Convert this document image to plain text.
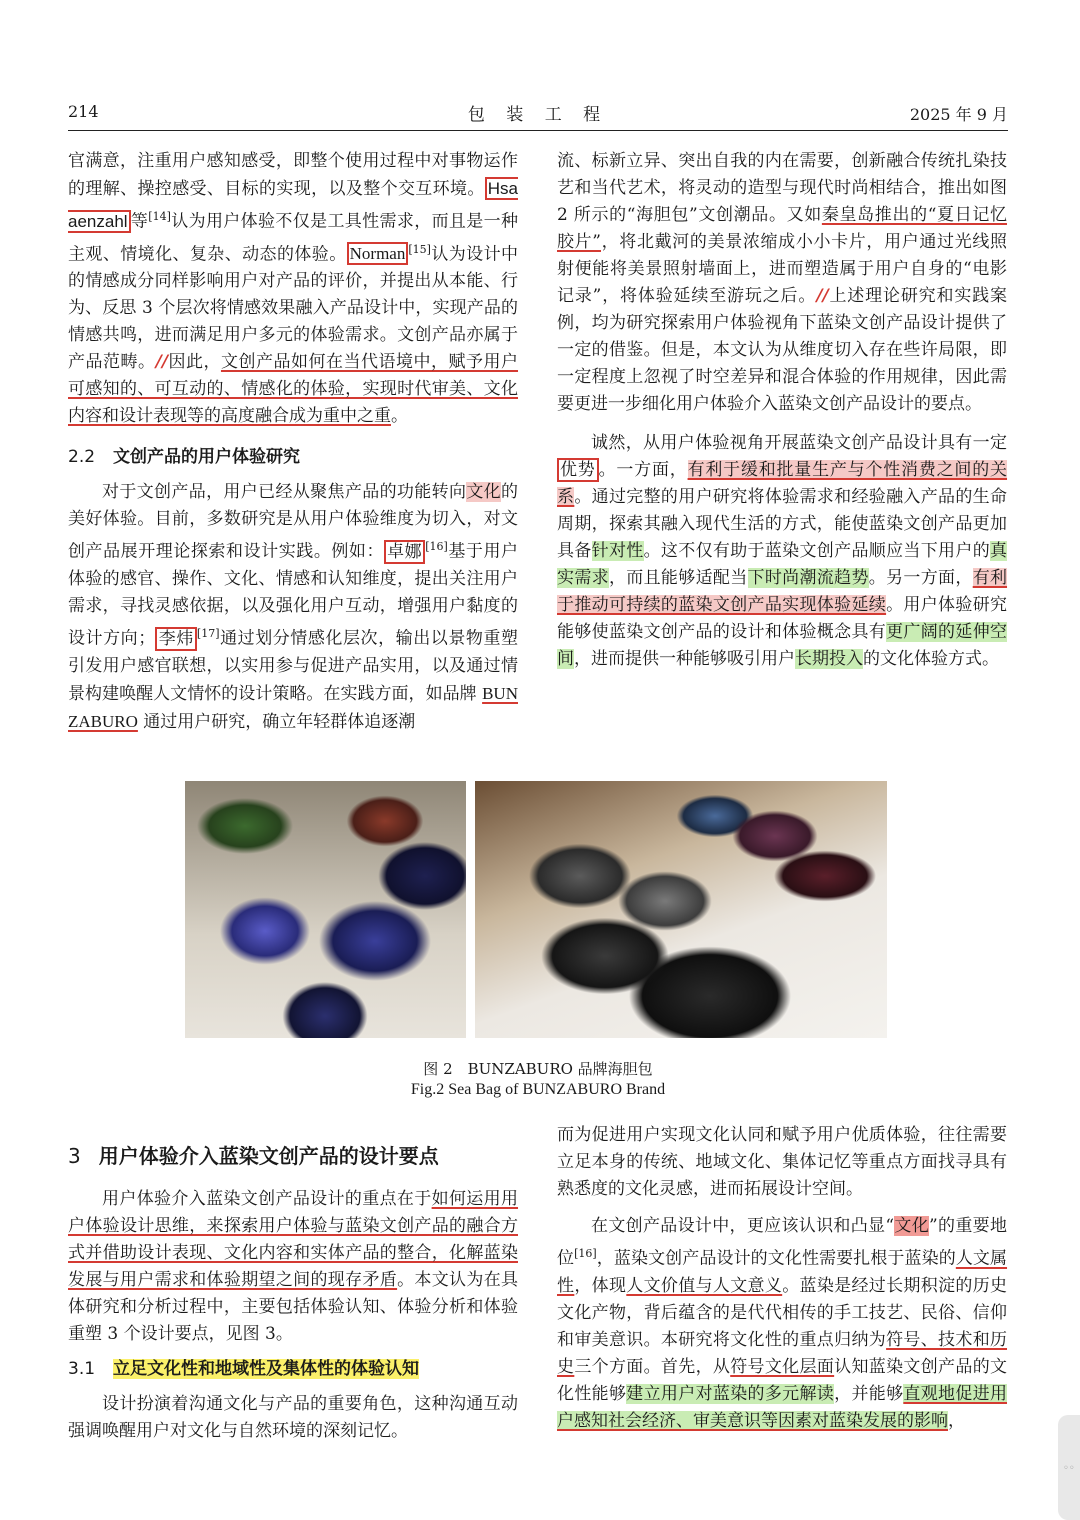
214	包 装 工 程	2025 年 9 月

官满意，注重用户感知感受，即整个使用过程中对事物运作的理解、操控感受、目标的实现，以及整个交互环境。 Hsaaenzahl 等[14]认为用户体验不仅是工具性需求，而且是一种主观、情境化、复杂、动态的体验。 Norman [15]认为设计中的情感成分同样影响用户对产品的评价，并提出从本能、行为、反思 3 个层次将情感效果融入产品设计中，实现产品的情感共鸣，进而满足用户多元的体验需求。文创产品亦属于产品范畴。//因此，文创产品如何在当代语境中，赋予用户可感知的、可互动的、情感化的体验，实现时代审美、文化内容和设计表现等的高度融合成为重中之重。

2.2 文创产品的用户体验研究

对于文创产品，用户已经从聚焦产品的功能转向文化的美好体验。目前，多数研究是从用户体验维度为切入，对文创产品展开理论探索和设计实践。例如： 卓娜 [16]基于用户体验的感官、操作、文化、情感和认知维度，提出关注用户需求，寻找灵感依据，以及强化用户互动，增强用户黏度的设计方向； 李炜 [17]通过划分情感化层次，输出以景物重塑引发用户感官联想，以实用参与促进产品实用，以及通过情景构建唤醒人文情怀的设计策略。在实践方面，如品牌 BUNZABURO 通过用户研究，确立年轻群体追逐潮

流、标新立异、突出自我的内在需要，创新融合传统扎染技艺和当代艺术，将灵动的造型与现代时尚相结合，推出如图 2 所示的“海胆包”文创潮品。又如秦皇岛推出的“夏日记忆胶片”，将北戴河的美景浓缩成小小卡片，用户通过光线照射便能将美景照射墙面上，进而塑造属于用户自身的“电影记录”，将体验延续至游玩之后。//上述理论研究和实践案例，均为研究探索用户体验视角下蓝染文创产品设计提供了一定的借鉴。但是，本文认为从维度切入存在些许局限，即一定程度上忽视了时空差异和混合体验的作用规律，因此需要更进一步细化用户体验介入蓝染文创产品设计的要点。

诚然，从用户体验视角开展蓝染文创产品设计具有一定优势 。一方面，有利于缓和批量生产与个性消费之间的关系。通过完整的用户研究将体验需求和经验融入产品的生命周期，探索其融入现代生活的方式，能使蓝染文创产品更加具备针对性。这不仅有助于蓝染文创产品顺应当下用户的真实需求，而且能够适配当下时尚潮流趋势。另一方面，有利于推动可持续的蓝染文创产品实现体验延续。用户体验研究能够使蓝染文创产品的设计和体验概念具有更广阔的延伸空间，进而提供一种能够吸引用户长期投入的文化体验方式。

图 2　BUNZABURO 品牌海胆包
Fig.2 Sea Bag of BUNZABURO Brand
3 用户体验介入蓝染文创产品的设计要点

用户体验介入蓝染文创产品设计的重点在于如何运用用户体验设计思维，来探索用户体验与蓝染文创产品的融合方式并借助设计表现、文化内容和实体产品的整合，化解蓝染发展与用户需求和体验期望之间的现存矛盾。本文认为在具体研究和分析过程中，主要包括体验认知、体验分析和体验重塑 3 个设计要点，见图 3。

3.1 立足文化性和地域性及集体性的体验认知

设计扮演着沟通文化与产品的重要角色，这种沟通互动强调唤醒用户对文化与自然环境的深刻记忆。

而为促进用户实现文化认同和赋予用户优质体验，往往需要立足本身的传统、地域文化、集体记忆等重点方面找寻具有熟悉度的文化灵感，进而拓展设计空间。

在文创产品设计中，更应该认识和凸显“文化”的重要地位[16]，蓝染文创产品设计的文化性需要扎根于蓝染的人文属性，体现人文价值与人文意义。蓝染是经过长期积淀的历史文化产物，背后蕴含的是代代相传的手工技艺、民俗、信仰和审美意识。本研究将文化性的重点归纳为符号、技术和历史三个方面。首先，从符号文化层面认知蓝染文创产品的文化性能够建立用户对蓝染的多元解读，并能够直观地促进用户感知社会经济、审美意识等因素对蓝染发展的影响，

◦◦
